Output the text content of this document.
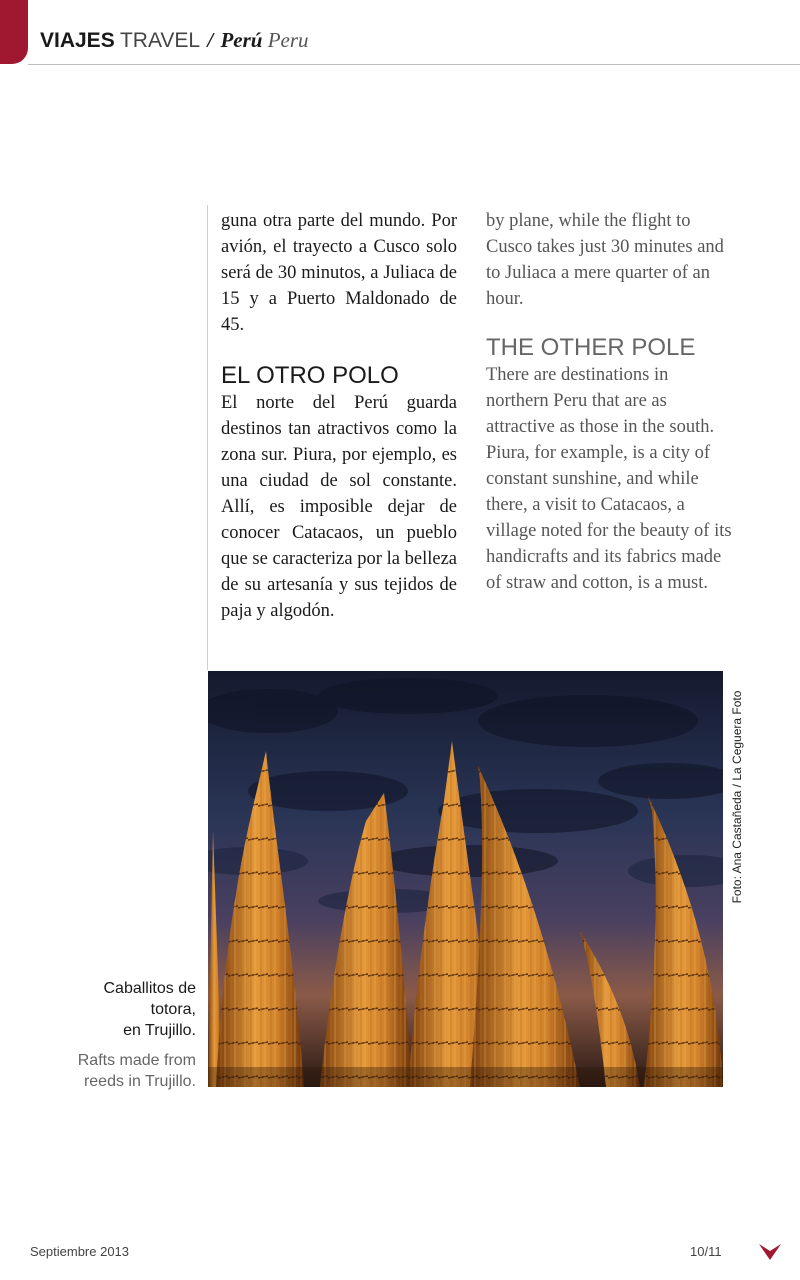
VIAJES TRAVEL / Perú Peru

guna otra parte del mundo. Por avión, el trayecto a Cusco solo será de 30 minutos, a Juliaca de 15 y a Puerto Maldonado de 45.

EL OTRO POLO

El norte del Perú guarda destinos tan atractivos como la zona sur. Piura, por ejemplo, es una ciudad de sol constante. Allí, es imposible dejar de conocer Catacaos, un pueblo que se caracteriza por la belleza de su artesanía y sus tejidos de paja y algodón.

by plane, while the flight to Cusco takes just 30 minutes and to Juliaca a mere quarter of an hour.

THE OTHER POLE

There are destinations in northern Peru that are as attractive as those in the south. Piura, for example, is a city of constant sunshine, and while there, a visit to Catacaos, a village noted for the beauty of its handicrafts and its fabrics made of straw and cotton, is a must.

Foto: Ana Castañeda / La Ceguera Foto
Caballitos de
totora,
en Trujillo.
Rafts made from
reeds in Trujillo.
Septiembre 2013	10/11
